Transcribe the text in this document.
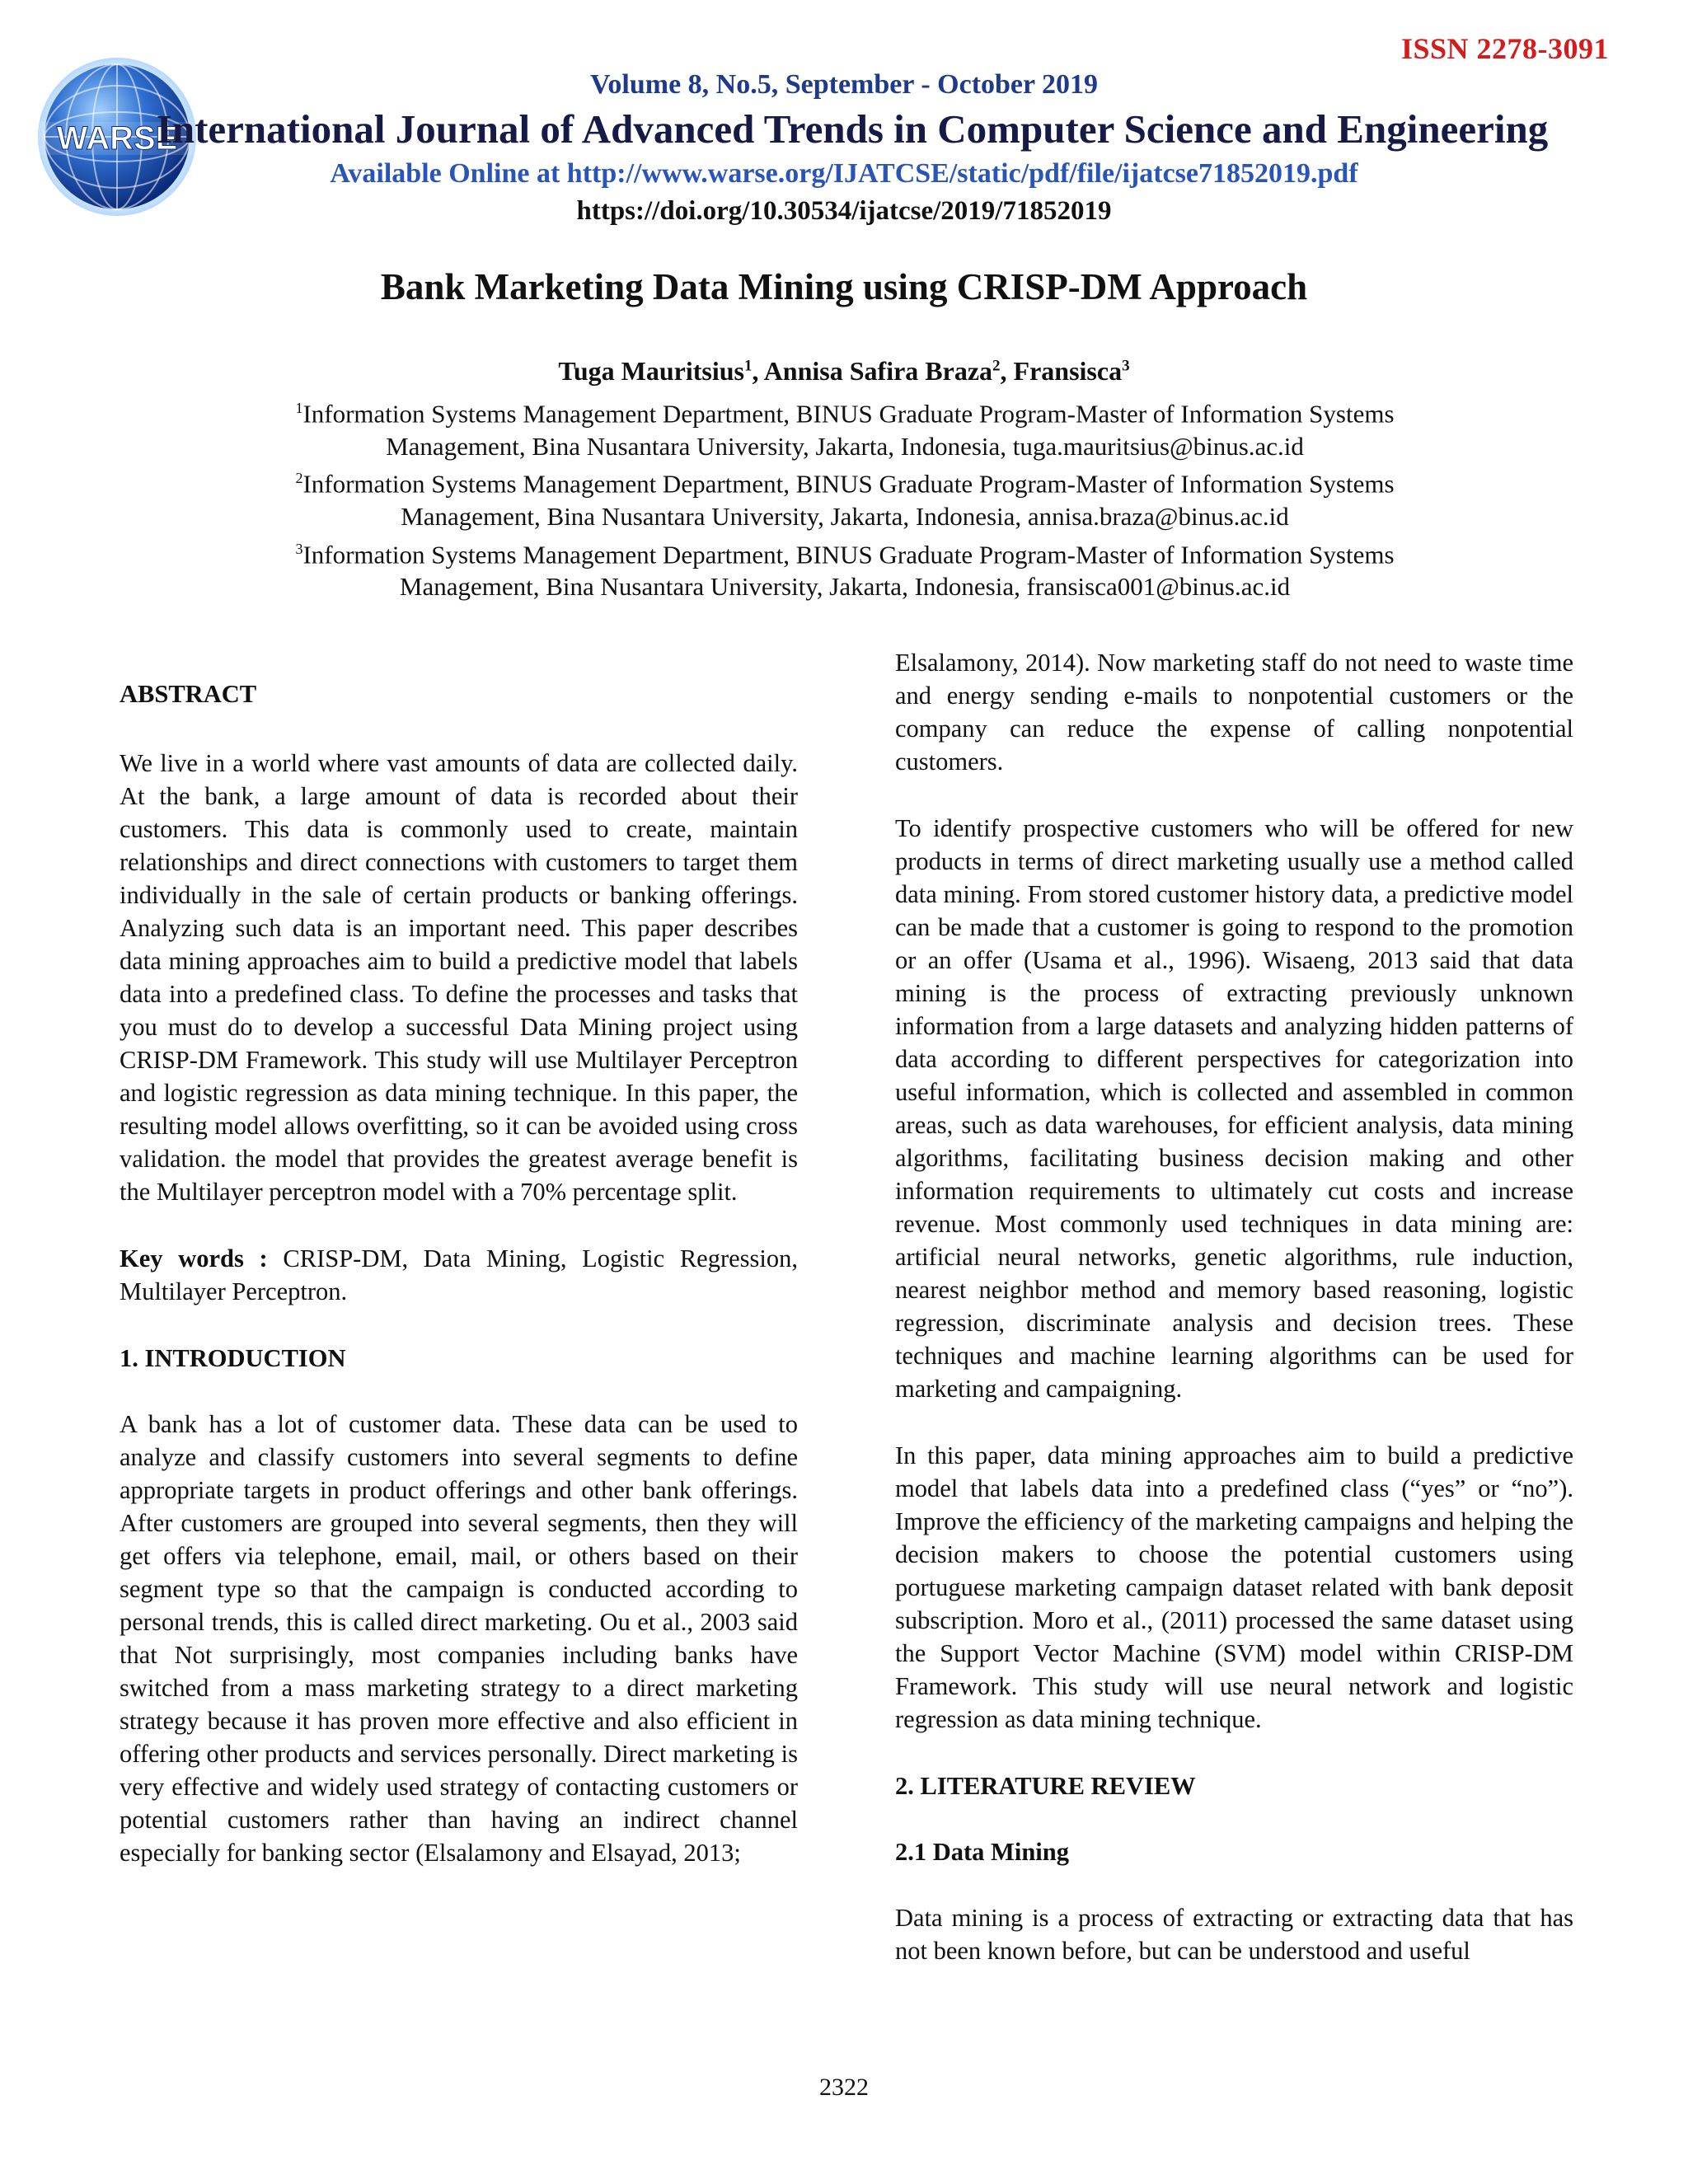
ISSN 2278-3091
WARSE
Volume 8, No.5, September - October 2019
International Journal of Advanced Trends in Computer Science and Engineering
Available Online at http://www.warse.org/IJATCSE/static/pdf/file/ijatcse71852019.pdf
https://doi.org/10.30534/ijatcse/2019/71852019
Bank Marketing Data Mining using CRISP-DM Approach
Tuga Mauritsius$^1$, Annisa Safira Braza$^2$, Fransisca$^3$
$^1$Information Systems Management Department, BINUS Graduate Program-Master of Information Systems
Management, Bina Nusantara University, Jakarta, Indonesia, tuga.mauritsius@binus.ac.id
$^2$Information Systems Management Department, BINUS Graduate Program-Master of Information Systems
Management, Bina Nusantara University, Jakarta, Indonesia, annisa.braza@binus.ac.id
$^3$Information Systems Management Department, BINUS Graduate Program-Master of Information Systems
Management, Bina Nusantara University, Jakarta, Indonesia, fransisca001@binus.ac.id
ABSTRACT

We live in a world where vast amounts of data are collected daily. At the bank, a large amount of data is recorded about their customers. This data is commonly used to create, maintain relationships and direct connections with customers to target them individually in the sale of certain products or banking offerings. Analyzing such data is an important need. This paper describes data mining approaches aim to build a predictive model that labels data into a predefined class. To define the processes and tasks that you must do to develop a successful Data Mining project using CRISP-DM Framework. This study will use Multilayer Perceptron and logistic regression as data mining technique. In this paper, the resulting model allows overfitting, so it can be avoided using cross validation. the model that provides the greatest average benefit is the Multilayer perceptron model with a 70% percentage split.

Key words : CRISP-DM, Data Mining, Logistic Regression, Multilayer Perceptron.

1. INTRODUCTION

A bank has a lot of customer data. These data can be used to analyze and classify customers into several segments to define appropriate targets in product offerings and other bank offerings. After customers are grouped into several segments, then they will get offers via telephone, email, mail, or others based on their segment type so that the campaign is conducted according to personal trends, this is called direct marketing. Ou et al., 2003 said that Not surprisingly, most companies including banks have switched from a mass marketing strategy to a direct marketing strategy because it has proven more effective and also efficient in offering other products and services personally. Direct marketing is very effective and widely used strategy of contacting customers or potential customers rather than having an indirect channel especially for banking sector (Elsalamony and Elsayad, 2013;

Elsalamony, 2014). Now marketing staff do not need to waste time and energy sending e-mails to nonpotential customers or the company can reduce the expense of calling nonpotential customers.

To identify prospective customers who will be offered for new products in terms of direct marketing usually use a method called data mining. From stored customer history data, a predictive model can be made that a customer is going to respond to the promotion or an offer (Usama et al., 1996). Wisaeng, 2013 said that data mining is the process of extracting previously unknown information from a large datasets and analyzing hidden patterns of data according to different perspectives for categorization into useful information, which is collected and assembled in common areas, such as data warehouses, for efficient analysis, data mining algorithms, facilitating business decision making and other information requirements to ultimately cut costs and increase revenue. Most commonly used techniques in data mining are: artificial neural networks, genetic algorithms, rule induction, nearest neighbor method and memory based reasoning, logistic regression, discriminate analysis and decision trees. These techniques and machine learning algorithms can be used for marketing and campaigning.

In this paper, data mining approaches aim to build a predictive model that labels data into a predefined class (“yes” or “no”). Improve the efficiency of the marketing campaigns and helping the decision makers to choose the potential customers using portuguese marketing campaign dataset related with bank deposit subscription. Moro et al., (2011) processed the same dataset using the Support Vector Machine (SVM) model within CRISP-DM Framework. This study will use neural network and logistic regression as data mining technique.

2. LITERATURE REVIEW
2.1 Data Mining

Data mining is a process of extracting or extracting data that has not been known before, but can be understood and useful

2322
